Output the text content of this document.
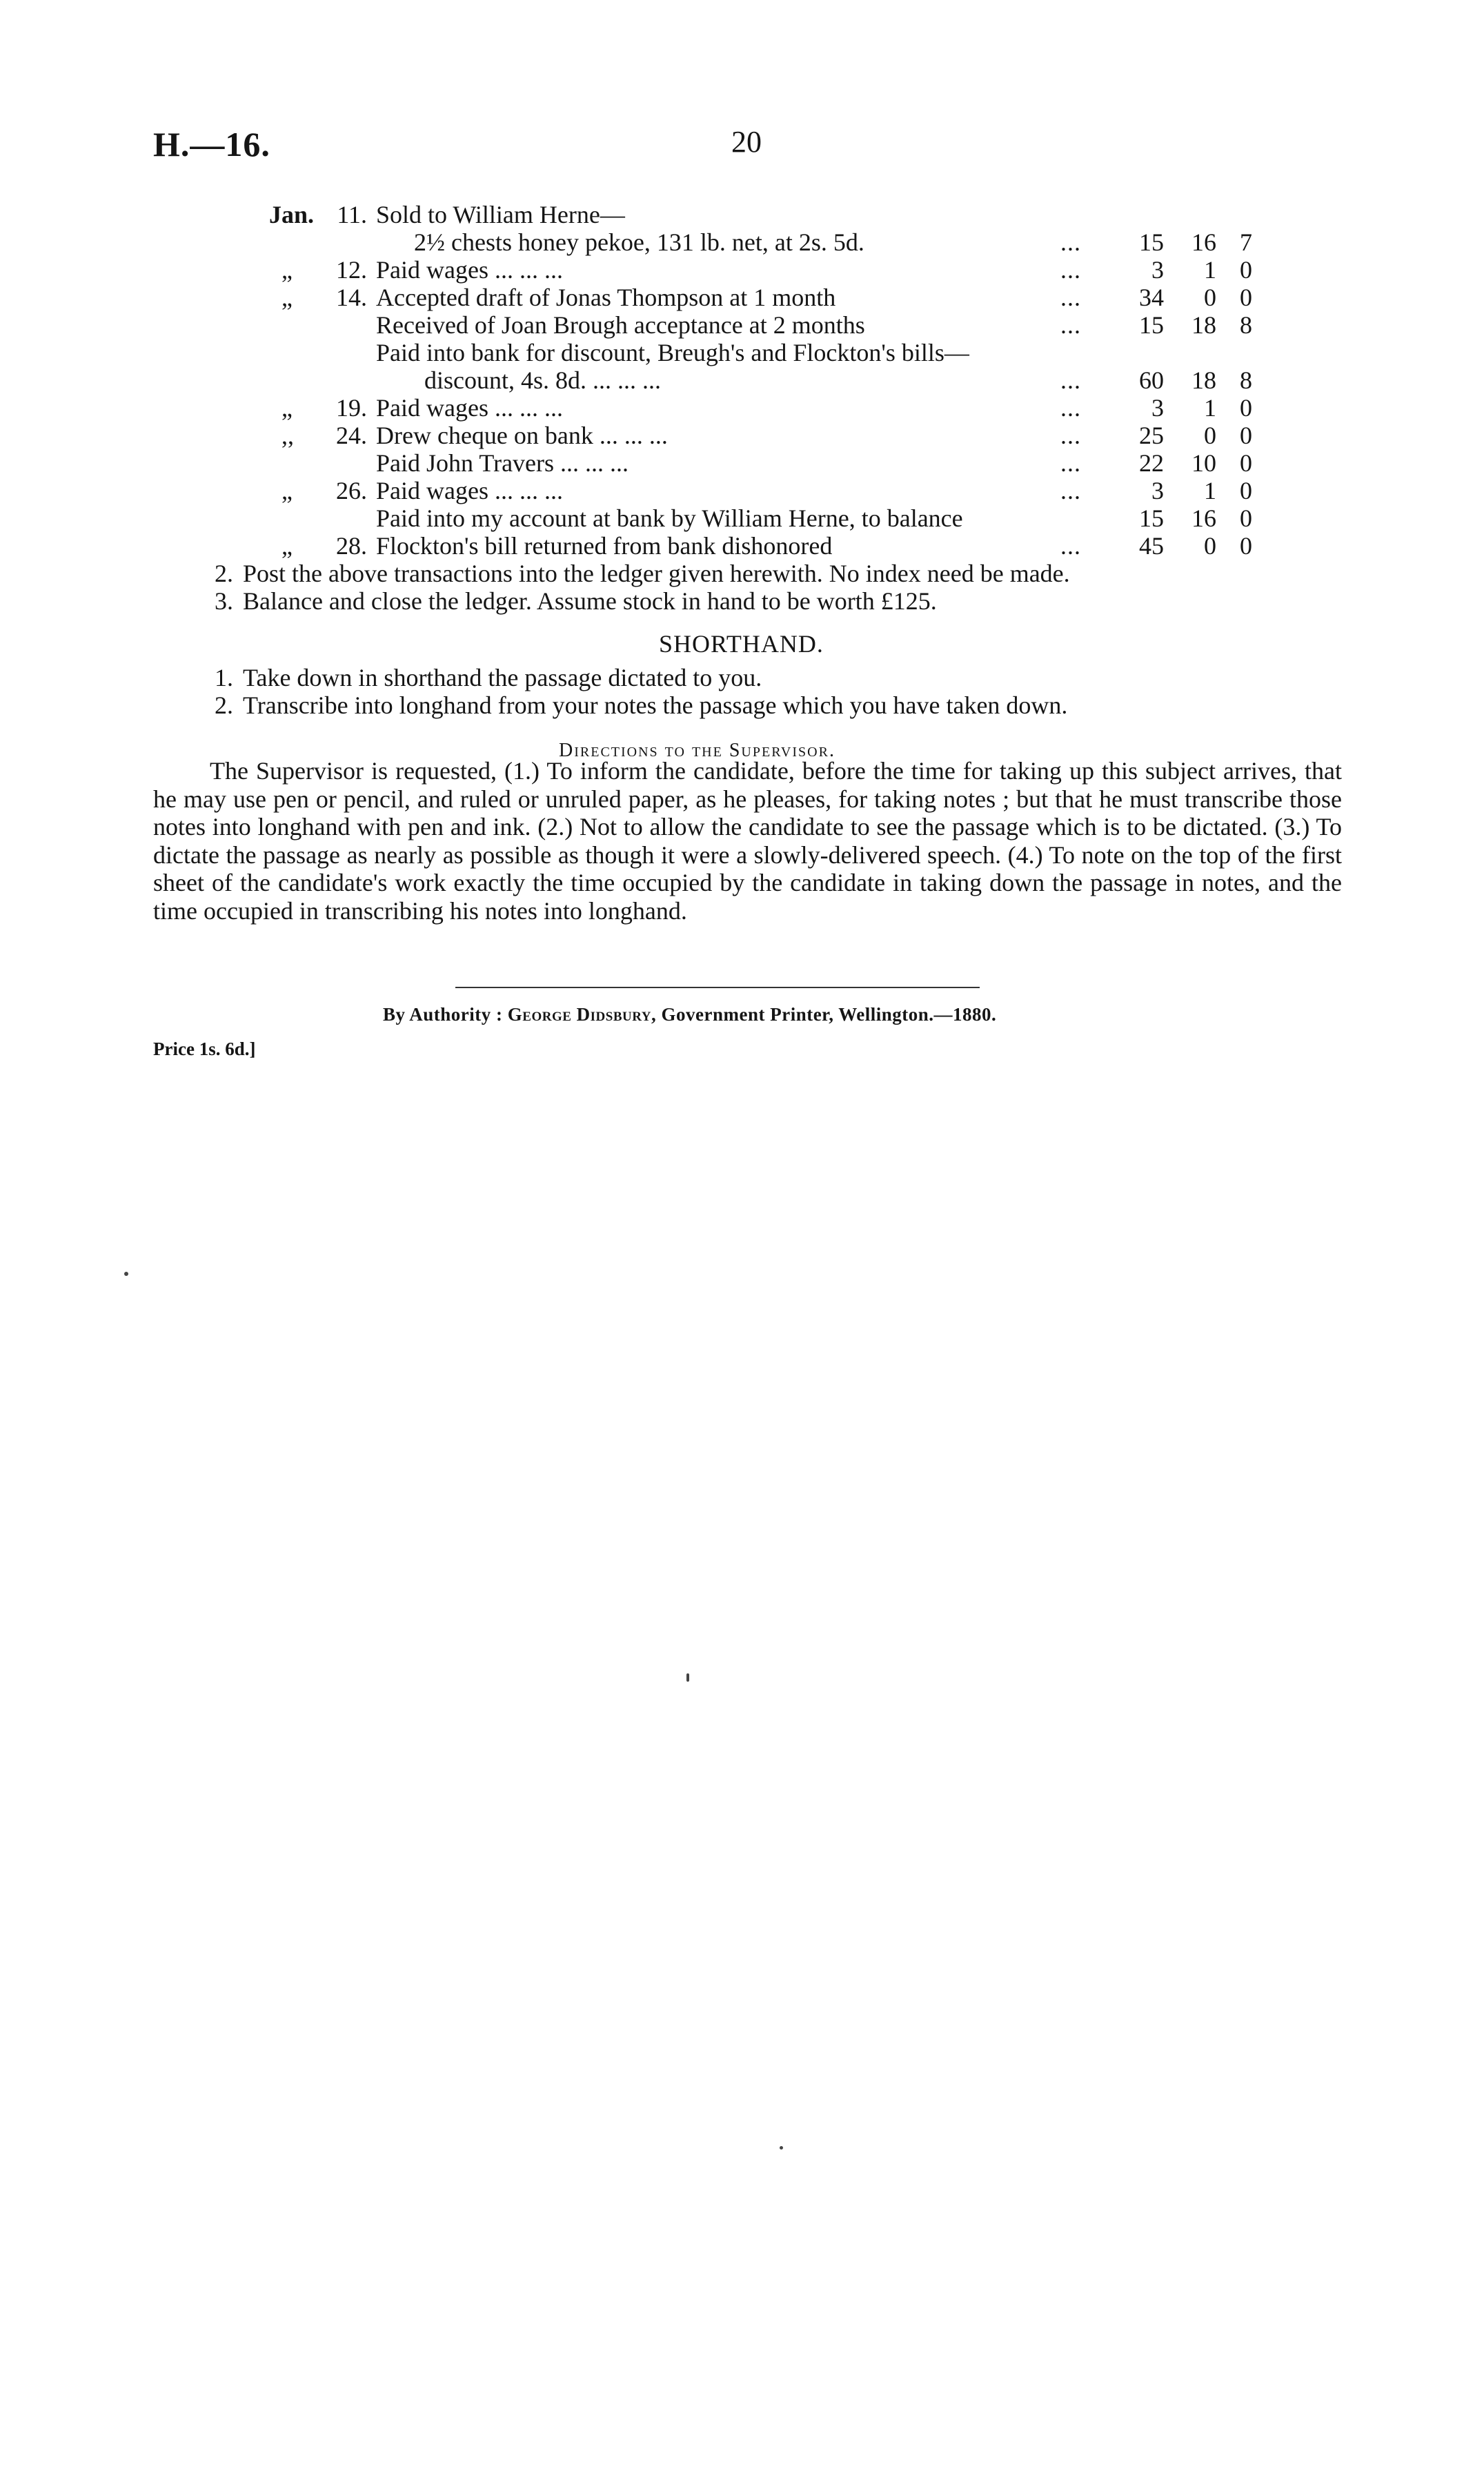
H.—16.	20
Jan. 11. Sold to William Herne—
2½ chests honey pekoe, 131 lb. net, at 2s. 5d.	...	15	16 7
„	12. Paid wages ... ... ...	...	3	1 0
„	14. Accepted draft of Jonas Thompson at 1 month	...	34	0 0
Received of Joan Brough acceptance at 2 months	...	15	18 8
Paid into bank for discount, Breugh's and Flockton's bills—
discount, 4s. 8d. ... ... ...	...	60	18 8
„	19. Paid wages ... ... ...	...	3	1 0
,,	24. Drew cheque on bank ... ... ...	...	25	0 0
Paid John Travers ... ... ...	...	22	10 0
„	26. Paid wages ... ... ...	...	3	1 0
Paid into my account at bank by William Herne, to balance	15	16 0
„	28. Flockton's bill returned from bank dishonored	...	45	0 0
2. Post the above transactions into the ledger given herewith. No index need be made.
3. Balance and close the ledger. Assume stock in hand to be worth £125.
SHORTHAND.
1. Take down in shorthand the passage dictated to you.
2. Transcribe into longhand from your notes the passage which you have taken down.
Directions to the Supervisor.
The Supervisor is requested, (1.) To inform the candidate, before the time for taking up this subject arrives, that he may use pen or pencil, and ruled or unruled paper, as he pleases, for taking notes ; but that he must transcribe those notes into longhand with pen and ink. (2.) Not to allow the candidate to see the passage which is to be dictated. (3.) To dictate the passage as nearly as possible as though it were a slowly-delivered speech. (4.) To note on the top of the first sheet of the candidate's work exactly the time occupied by the candidate in taking down the passage in notes, and the time occupied in transcribing his notes into longhand.
By Authority : George Didsbury, Government Printer, Wellington.—1880.
Price 1s. 6d.]
